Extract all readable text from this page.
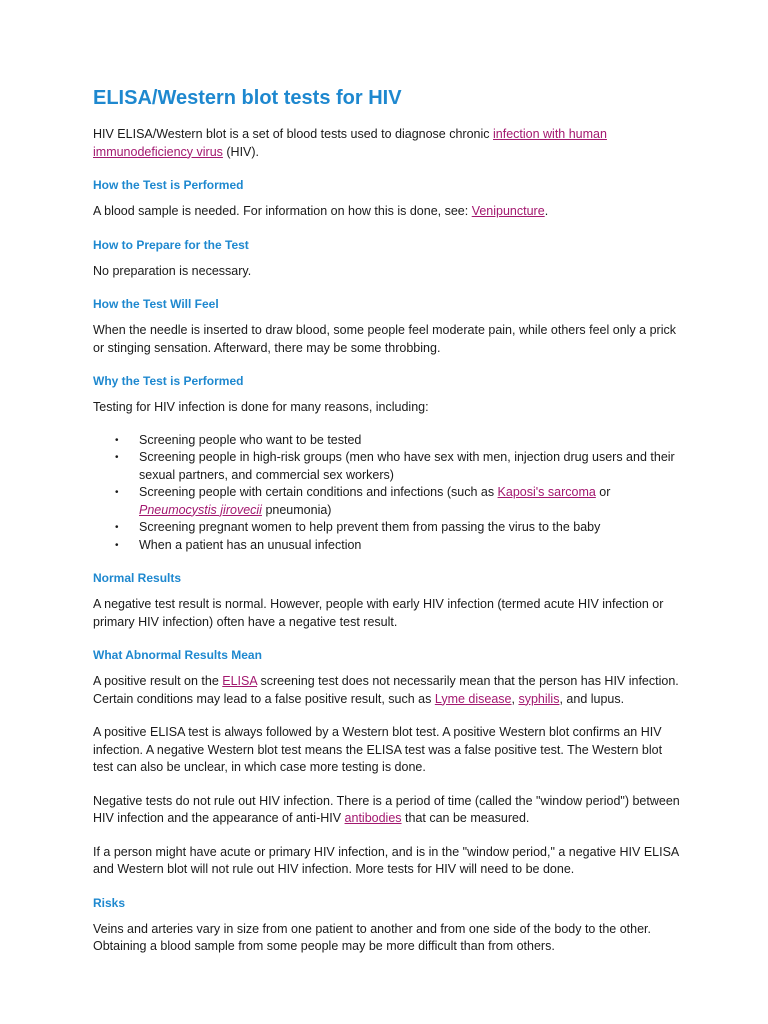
ELISA/Western blot tests for HIV

HIV ELISA/Western blot is a set of blood tests used to diagnose chronic infection with human immunodeficiency virus (HIV).

How the Test is Performed

A blood sample is needed. For information on how this is done, see: Venipuncture.

How to Prepare for the Test

No preparation is necessary.

How the Test Will Feel

When the needle is inserted to draw blood, some people feel moderate pain, while others feel only a prick or stinging sensation. Afterward, there may be some throbbing.

Why the Test is Performed

Testing for HIV infection is done for many reasons, including:

• Screening people who want to be tested
• Screening people in high-risk groups (men who have sex with men, injection drug users and their sexual partners, and commercial sex workers)
• Screening people with certain conditions and infections (such as Kaposi's sarcoma or Pneumocystis jirovecii pneumonia)
• Screening pregnant women to help prevent them from passing the virus to the baby
• When a patient has an unusual infection
Normal Results

A negative test result is normal. However, people with early HIV infection (termed acute HIV infection or primary HIV infection) often have a negative test result.

What Abnormal Results Mean

A positive result on the ELISA screening test does not necessarily mean that the person has HIV infection. Certain conditions may lead to a false positive result, such as Lyme disease, syphilis, and lupus.

A positive ELISA test is always followed by a Western blot test. A positive Western blot confirms an HIV infection. A negative Western blot test means the ELISA test was a false positive test. The Western blot test can also be unclear, in which case more testing is done.

Negative tests do not rule out HIV infection. There is a period of time (called the "window period") between HIV infection and the appearance of anti-HIV antibodies that can be measured.

If a person might have acute or primary HIV infection, and is in the "window period," a negative HIV ELISA and Western blot will not rule out HIV infection. More tests for HIV will need to be done.

Risks

Veins and arteries vary in size from one patient to another and from one side of the body to the other. Obtaining a blood sample from some people may be more difficult than from others.
